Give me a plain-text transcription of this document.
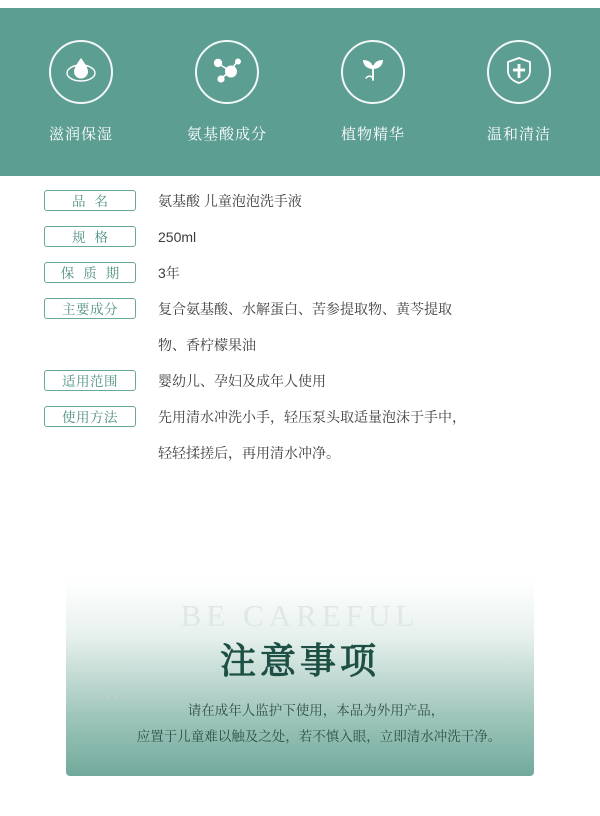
滋润保湿	氨基酸成分	植物精华	温和清洁
品名	氨基酸 儿童泡泡洗手液
规格	250ml
保质期	3年
主要成分	复合氨基酸、水解蛋白、苦参提取物、黄芩提取
物、香柠檬果油
适用范围	婴幼儿、孕妇及成年人使用
使用方法	先用清水冲洗小手，轻压泵头取适量泡沫于手中，
轻轻揉搓后，再用清水冲净。
BE CAREFUL
注意事项
“	请在成年人监护下使用，本品为外用产品，
应置于儿童难以触及之处，若不慎入眼，立即清水冲洗干净。
